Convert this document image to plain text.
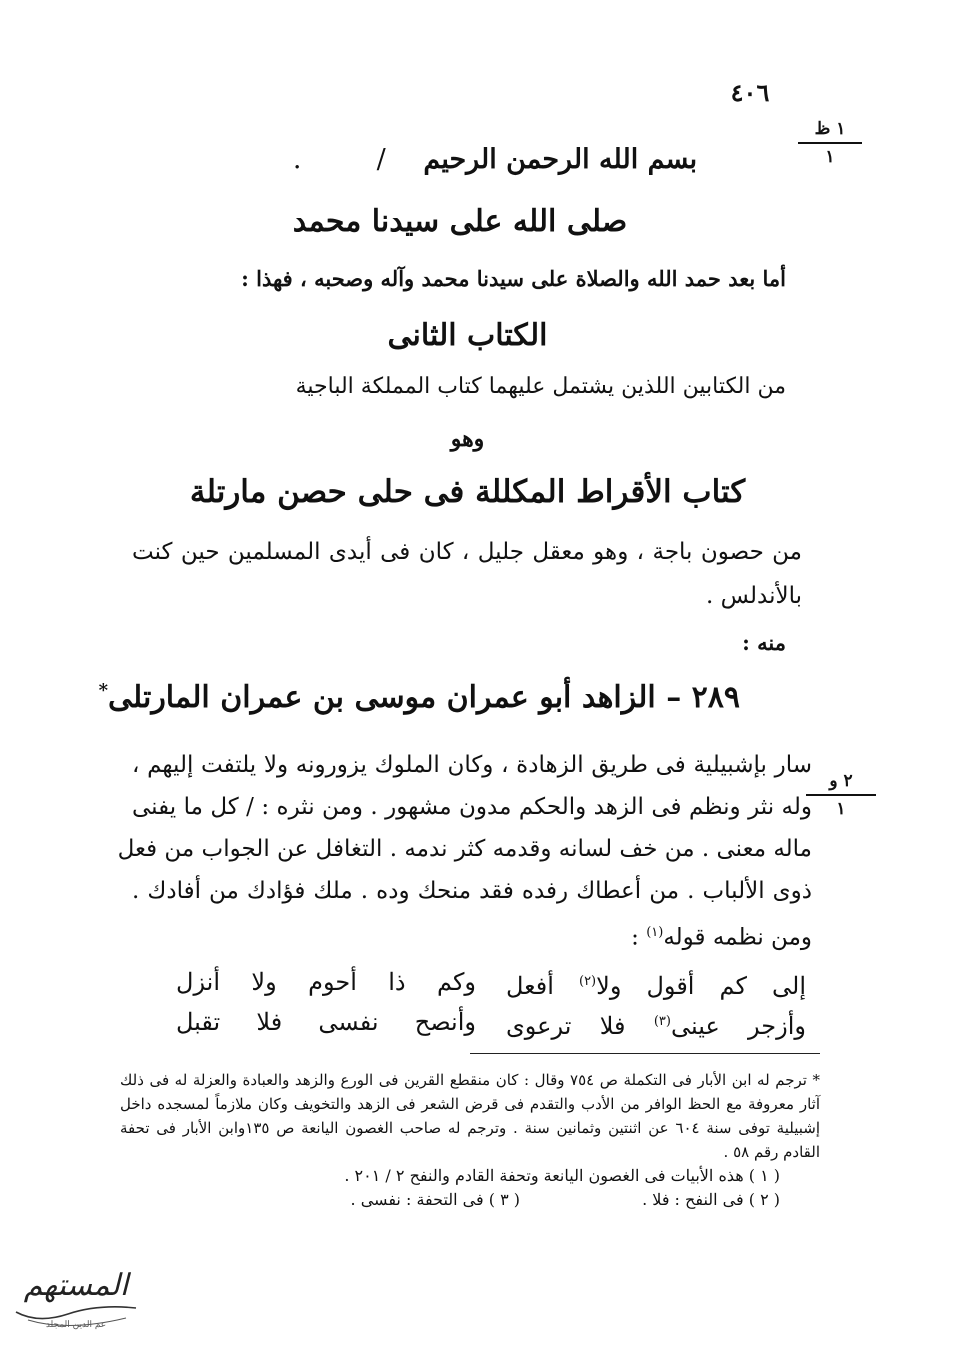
٤٠٦
١ ظ
١
بسم الله الرحمن الرحيم    /        .
صلى الله على سيدنا محمد
أما بعد حمد الله والصلاة على سيدنا محمد وآله وصحبه ، فهذا :
الكتاب الثانى
من الكتابين اللذين يشتمل عليهما كتاب المملكة الباجية
وهو
كتاب الأقراط المكللة فى حلى حصن مارتلة
من حصون باجة ، وهو معقل جليل ، كان فى أيدى المسلمين حين كنت بالأندلس .
منه :
٢٨٩ – الزاهد أبو عمران موسى بن عمران المارتلى*
٢ و
١
سار بإشبيلية فى طريق الزهادة ، وكان الملوك يزورونه ولا يلتفت إليهم ،
وله نثر ونظم فى الزهد والحكم مدون مشهور . ومن نثره : / كل ما يفنى
ماله معنى . من خف لسانه وقدمه كثر ندمه . التغافل عن الجواب من فعل
ذوى الألباب . من أعطاك رفده فقد منحك وده . ملك فؤادك من أفادك .
ومن نظمه قوله$^{(١)}$ :
إلى كم أقول ولا$^{(٢)}$ أفعل
وكم ذا أحوم ولا أنزل
وأزجر عينى$^{(٣)}$ فلا ترعوى
وأنصح نفسى فلا تقبل
* ترجم له ابن الأبار فى التكملة ص ٧٥٤ وقال : كان منقطع القرين فى الورع والزهد والعبادة والعزلة له فى ذلك آثار معروفة مع الحظ الوافر من الأدب والتقدم فى قرض الشعر فى الزهد والتخويف وكان ملازماً لمسجده داخل إشبيلية توفى سنة ٦٠٤ عن اثنتين وثمانين سنة . وترجم له صاحب الغصون اليانعة ص ١٣٥وابن الأبار فى تحفة القادم رقم ٥٨ .
( ١ ) هذه الأبيات فى الغصون اليانعة وتحفة القادم والنفح ٢ / ٢٠١ .
( ٢ ) فى النفح : فلا .
( ٣ ) فى التحفة : نفسى .
المستهم
عم الدين المجلد
